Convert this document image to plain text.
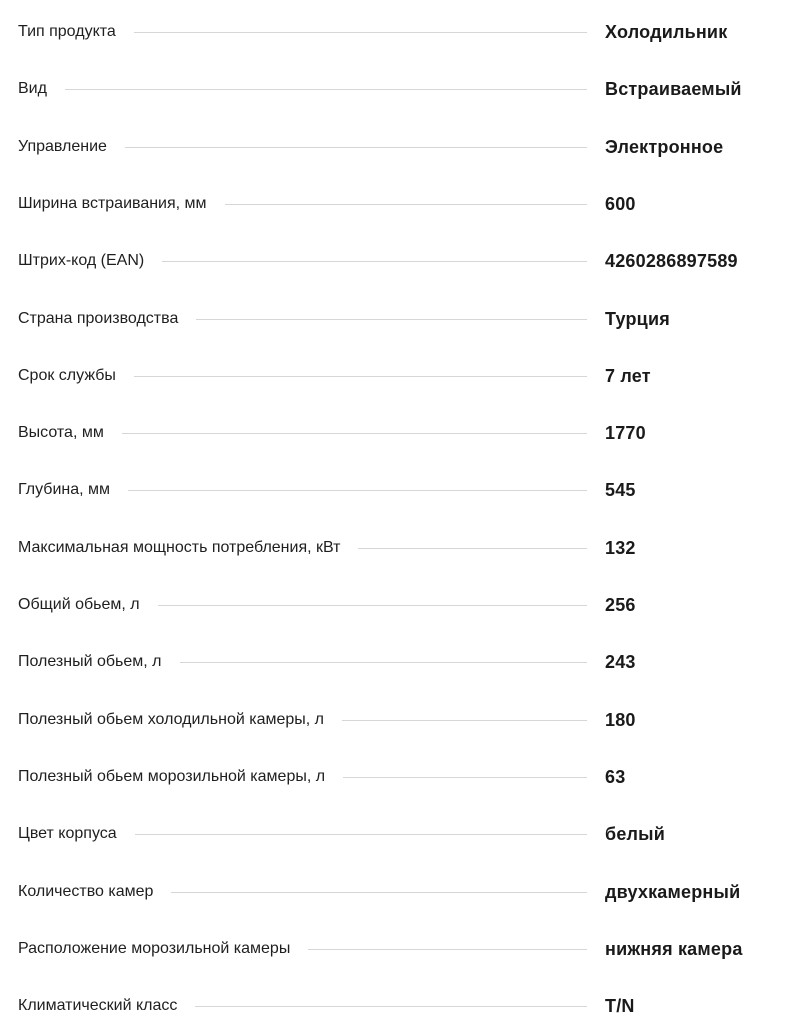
Тип продукта	Холодильник
Вид	Встраиваемый
Управление	Электронное
Ширина встраивания, мм	600
Штрих-код (EAN)	4260286897589
Страна производства	Турция
Срок службы	7 лет
Высота, мм	1770
Глубина, мм	545
Максимальная мощность потребления, кВт	132
Общий обьем, л	256
Полезный обьем, л	243
Полезный обьем холодильной камеры, л	180
Полезный обьем морозильной камеры, л	63
Цвет корпуса	белый
Количество камер	двухкамерный
Расположение морозильной камеры	нижняя камера
Климатический класс	T/N
